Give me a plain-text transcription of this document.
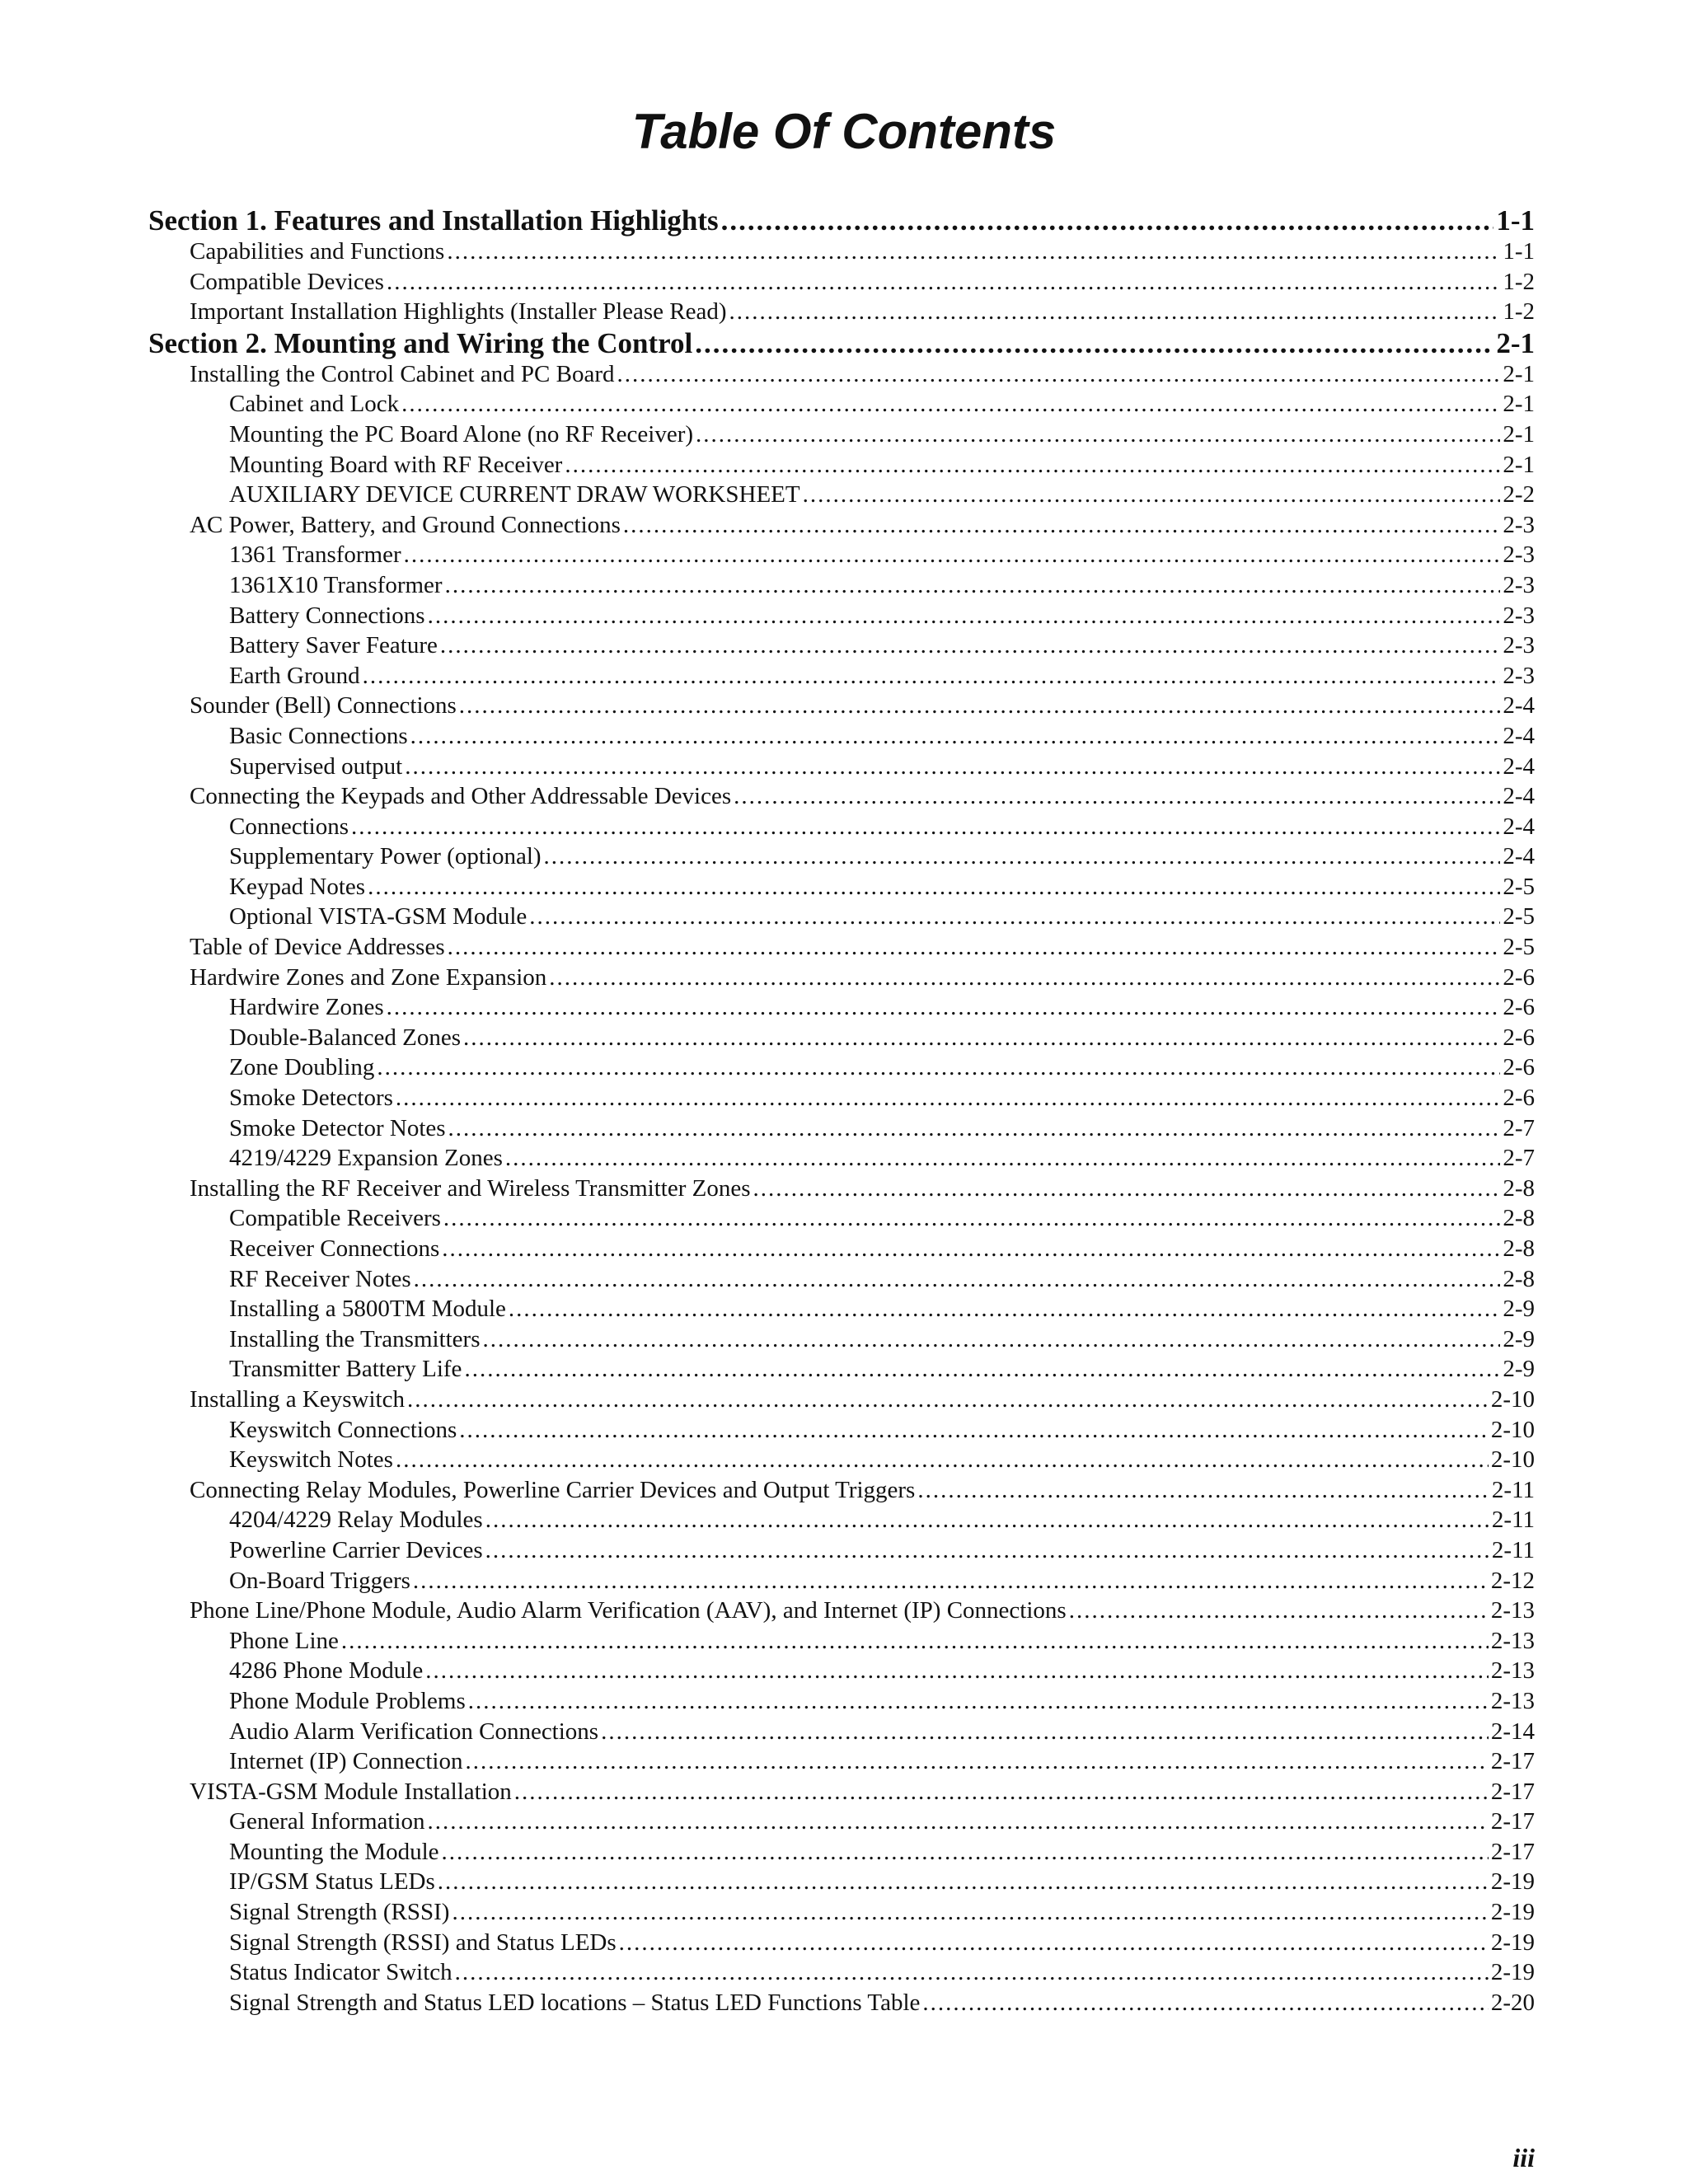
Table Of Contents
Section 1. Features and Installation Highlights .....	1-1
Capabilities and Functions .....	1-1
Compatible Devices .....	1-2
Important Installation Highlights (Installer Please Read) .....	1-2
Section 2. Mounting and Wiring the Control .....	2-1
Installing the Control Cabinet and PC Board .....	2-1
Cabinet and Lock .....	2-1
Mounting the PC Board Alone (no RF Receiver) .....	2-1
Mounting Board with RF Receiver .....	2-1
AUXILIARY DEVICE CURRENT DRAW WORKSHEET .....	2-2
AC Power, Battery, and Ground Connections .....	2-3
1361 Transformer .....	2-3
1361X10 Transformer .....	2-3
Battery Connections .....	2-3
Battery Saver Feature .....	2-3
Earth Ground .....	2-3
Sounder (Bell) Connections .....	2-4
Basic Connections .....	2-4
Supervised output .....	2-4
Connecting the Keypads and Other Addressable Devices .....	2-4
Connections .....	2-4
Supplementary Power (optional) .....	2-4
Keypad Notes .....	2-5
Optional VISTA-GSM Module .....	2-5
Table of Device Addresses .....	2-5
Hardwire Zones and Zone Expansion .....	2-6
Hardwire Zones .....	2-6
Double-Balanced Zones .....	2-6
Zone Doubling .....	2-6
Smoke Detectors .....	2-6
Smoke Detector Notes .....	2-7
4219/4229 Expansion Zones .....	2-7
Installing the RF Receiver and Wireless Transmitter Zones .....	2-8
Compatible Receivers .....	2-8
Receiver Connections .....	2-8
RF Receiver Notes .....	2-8
Installing a 5800TM Module .....	2-9
Installing the Transmitters .....	2-9
Transmitter Battery Life .....	2-9
Installing a Keyswitch .....	2-10
Keyswitch Connections .....	2-10
Keyswitch Notes .....	2-10
Connecting Relay Modules, Powerline Carrier Devices and Output Triggers .....	2-11
4204/4229 Relay Modules .....	2-11
Powerline Carrier Devices .....	2-11
On-Board Triggers .....	2-12
Phone Line/Phone Module, Audio Alarm Verification (AAV), and Internet (IP) Connections .....	2-13
Phone Line .....	2-13
4286 Phone Module .....	2-13
Phone Module Problems .....	2-13
Audio Alarm Verification Connections .....	2-14
Internet (IP) Connection .....	2-17
VISTA-GSM Module Installation .....	2-17
General Information .....	2-17
Mounting the Module .....	2-17
IP/GSM Status LEDs .....	2-19
Signal Strength (RSSI) .....	2-19
Signal Strength (RSSI) and Status LEDs .....	2-19
Status Indicator Switch .....	2-19
Signal Strength and Status LED locations – Status LED Functions Table .....	2-20
iii
